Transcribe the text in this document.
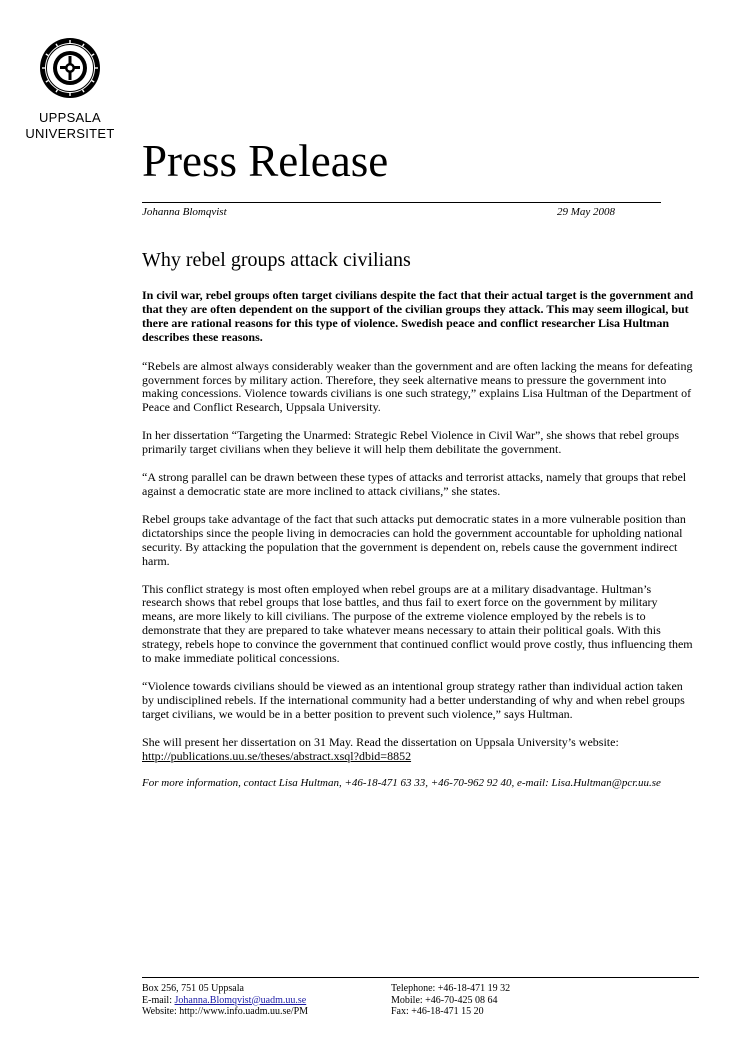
UPPSALA
UNIVERSITET
Press Release
Johanna Blomqvist	29 May 2008
Why rebel groups attack civilians

In civil war, rebel groups often target civilians despite the fact that their actual target is the government and that they are often dependent on the support of the civilian groups they attack. This may seem illogical, but there are rational reasons for this type of violence. Swedish peace and conflict researcher Lisa Hultman describes these reasons.

“Rebels are almost always considerably weaker than the government and are often lacking the means for defeating government forces by military action. Therefore, they seek alternative means to pressure the government into making concessions. Violence towards civilians is one such strategy,” explains Lisa Hultman of the Department of Peace and Conflict Research, Uppsala University.

In her dissertation “Targeting the Unarmed: Strategic Rebel Violence in Civil War”, she shows that rebel groups primarily target civilians when they believe it will help them debilitate the government.

“A strong parallel can be drawn between these types of attacks and terrorist attacks, namely that groups that rebel against a democratic state are more inclined to attack civilians,” she states.

Rebel groups take advantage of the fact that such attacks put democratic states in a more vulnerable position than dictatorships since the people living in democracies can hold the government accountable for upholding national security. By attacking the population that the government is dependent on, rebels cause the government indirect harm.

This conflict strategy is most often employed when rebel groups are at a military disadvantage. Hultman’s research shows that rebel groups that lose battles, and thus fail to exert force on the government by military means, are more likely to kill civilians. The purpose of the extreme violence employed by the rebels is to demonstrate that they are prepared to take whatever means necessary to attain their political goals. With this strategy, rebels hope to convince the government that continued conflict would prove costly, thus influencing them to make immediate political concessions.

“Violence towards civilians should be viewed as an intentional group strategy rather than individual action taken by undisciplined rebels. If the international community had a better understanding of why and when rebel groups target civilians, we would be in a better position to prevent such violence,” says Hultman.

She will present her dissertation on 31 May. Read the dissertation on Uppsala University’s website: http://publications.uu.se/theses/abstract.xsql?dbid=8852

For more information, contact Lisa Hultman, +46-18-471 63 33, +46-70-962 92 40, e-mail: Lisa.Hultman@pcr.uu.se

Box 256, 751 05 Uppsala
E-mail: Johanna.Blomqvist@uadm.uu.se
Website: http://www.info.uadm.uu.se/PM
Telephone: +46-18-471 19 32
Mobile: +46-70-425 08 64
Fax: +46-18-471 15 20
